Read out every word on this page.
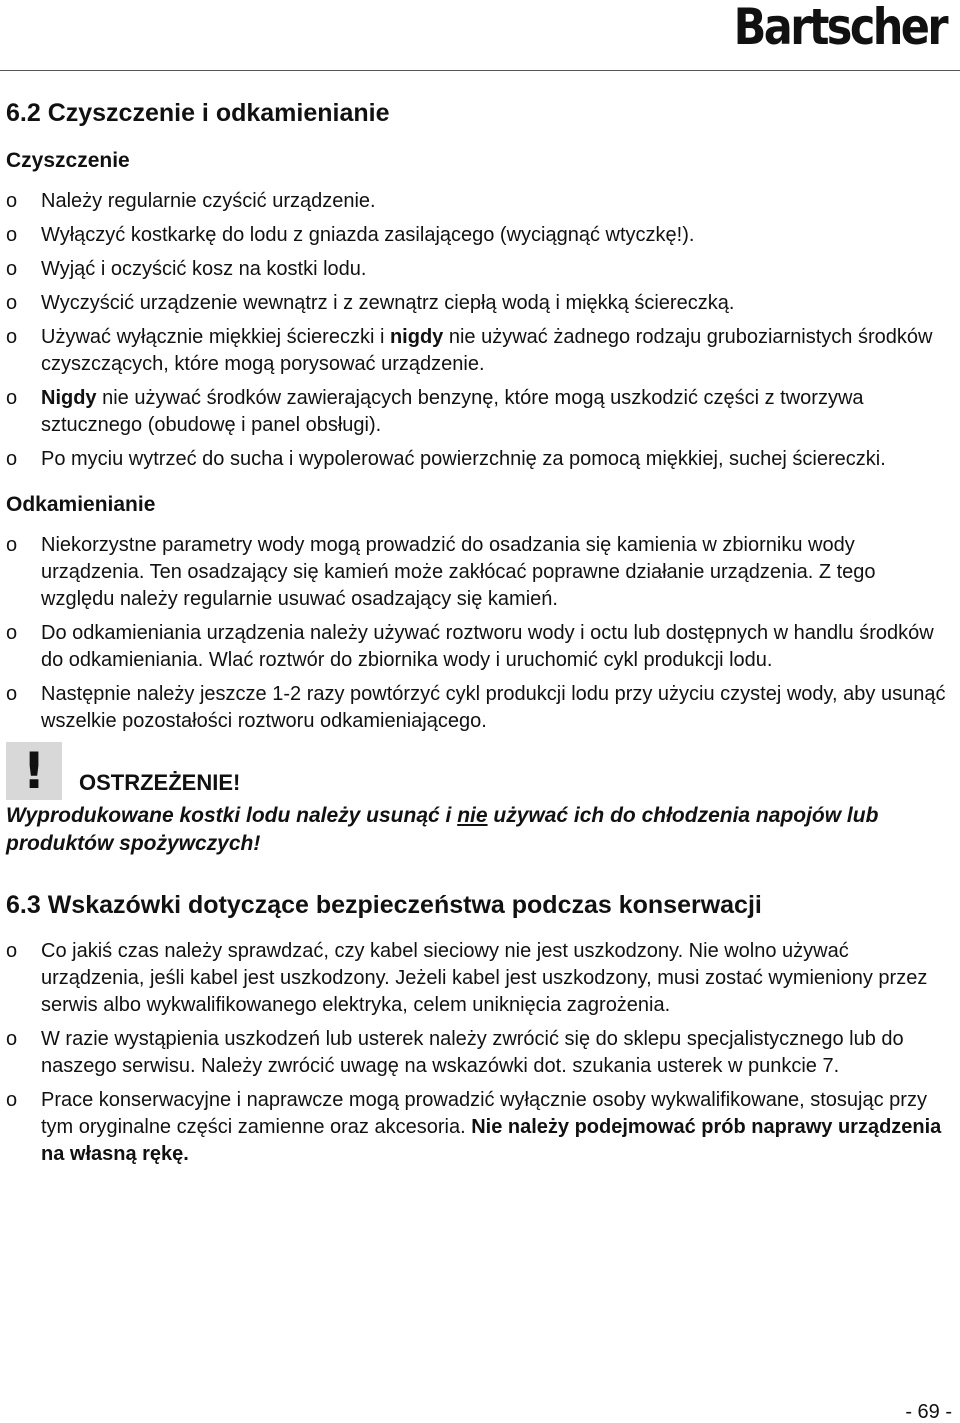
Bartscher
6.2 Czyszczenie i odkamienianie
Czyszczenie
o Należy regularnie czyścić urządzenie.
o Wyłączyć kostkarkę do lodu z gniazda zasilającego (wyciągnąć wtyczkę!).
o Wyjąć i oczyścić kosz na kostki lodu.
o Wyczyścić urządzenie wewnątrz i z zewnątrz ciepłą wodą i miękką ściereczką.
o Używać wyłącznie miękkiej ściereczki i nigdy nie używać żadnego rodzaju gruboziarnistych środków czyszczących, które mogą porysować urządzenie.
o Nigdy nie używać środków zawierających benzynę, które mogą uszkodzić części z tworzywa sztucznego (obudowę i panel obsługi).
o Po myciu wytrzeć do sucha i wypolerować powierzchnię za pomocą miękkiej, suchej ściereczki.
Odkamienianie
o Niekorzystne parametry wody mogą prowadzić do osadzania się kamienia w zbiorniku wody urządzenia. Ten osadzający się kamień może zakłócać poprawne działanie urządzenia. Z tego względu należy regularnie usuwać osadzający się kamień.
o Do odkamieniania urządzenia należy używać roztworu wody i octu lub dostępnych w handlu środków do odkamieniania. Wlać roztwór do zbiornika wody i uruchomić cykl produkcji lodu.
o Następnie należy jeszcze 1-2 razy powtórzyć cykl produkcji lodu przy użyciu czystej wody, aby usunąć wszelkie pozostałości roztworu odkamieniającego.
!	OSTRZEŻENIE!
Wyprodukowane kostki lodu należy usunąć i nie używać ich do chłodzenia napojów lub produktów spożywczych!
6.3 Wskazówki dotyczące bezpieczeństwa podczas konserwacji
o Co jakiś czas należy sprawdzać, czy kabel sieciowy nie jest uszkodzony. Nie wolno używać urządzenia, jeśli kabel jest uszkodzony. Jeżeli kabel jest uszkodzony, musi zostać wymieniony przez serwis albo wykwalifikowanego elektryka, celem uniknięcia zagrożenia.
o W razie wystąpienia uszkodzeń lub usterek należy zwrócić się do sklepu specjalistycznego lub do naszego serwisu. Należy zwrócić uwagę na wskazówki dot. szukania usterek w punkcie 7.
o Prace konserwacyjne i naprawcze mogą prowadzić wyłącznie osoby wykwalifikowane, stosując przy tym oryginalne części zamienne oraz akcesoria. Nie należy podejmować prób naprawy urządzenia na własną rękę.
- 69 -
